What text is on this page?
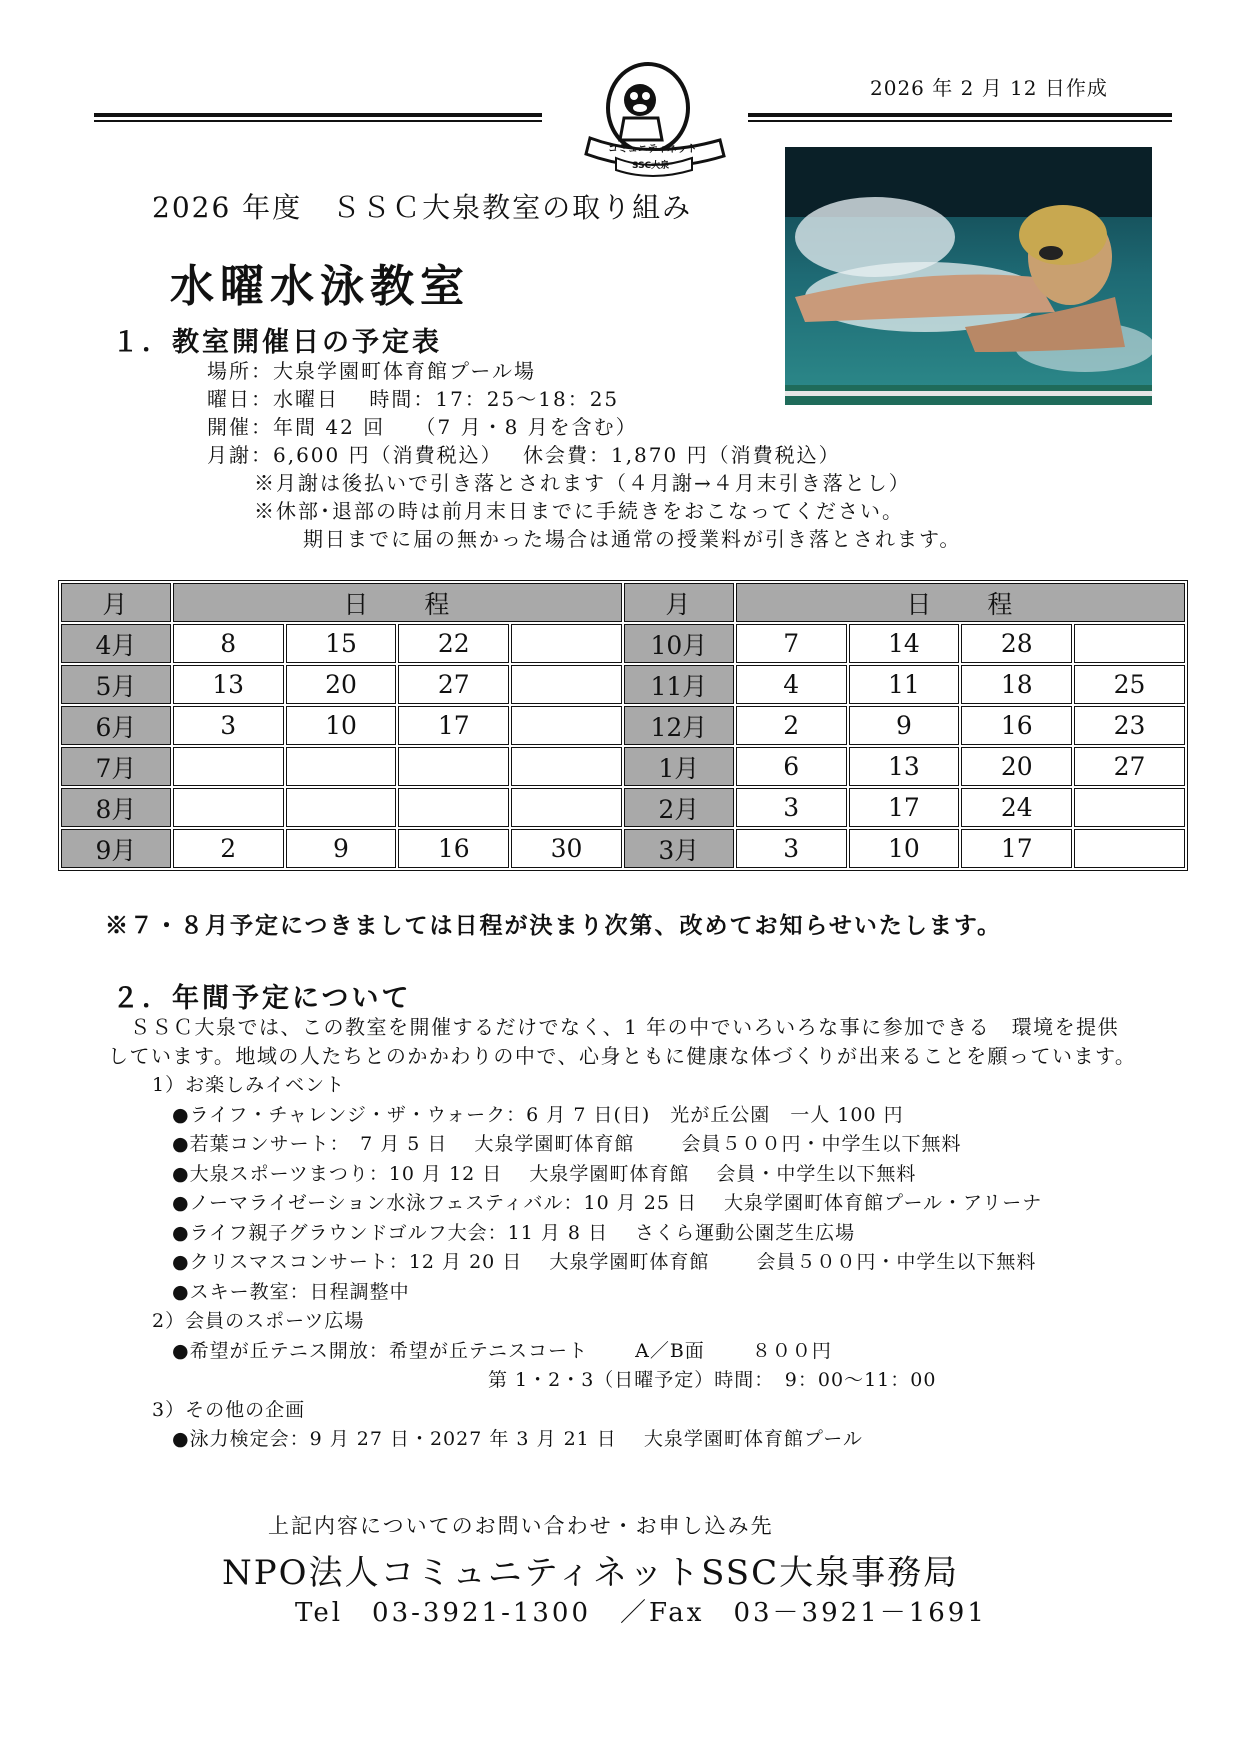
2026 年 2 月 12 日作成
コミュニティネット
SSC大泉
2026 年度　ＳＳＣ大泉教室の取り組み
水曜水泳教室
１．教室開催日の予定表
場所：大泉学園町体育館プール場
曜日：水曜日　 時間：17：25〜18：25
開催：年間 42 回　 （7 月・8 月を含む）
月謝：6,600 円（消費税込）　 休会費：1,870 円（消費税込）
※月謝は後払いで引き落とされます（４月謝→４月末引き落とし）
※休部･退部の時は前月末日までに手続きをおこなってください。
期日までに届の無かった場合は通常の授業料が引き落とされます。
月	日　　程				月	日　　程			
4月	8	15	22		10月	7	14	28	
5月	13	20	27		11月	4	11	18	25
6月	3	10	17		12月	2	9	16	23
7月					1月	6	13	20	27
8月					2月	3	17	24	
9月	2	9	16	30	3月	3	10	17	
※７・８月予定につきましては日程が決まり次第、改めてお知らせいたします。
２．年間予定について
ＳＳＣ大泉では、この教室を開催するだけでなく、1 年の中でいろいろな事に参加できる　環境を提供
しています。地域の人たちとのかかわりの中で、心身ともに健康な体づくりが出来ることを願っています。
1）お楽しみイベント
●ライフ・チャレンジ・ザ・ウォーク：6 月 7 日(日)　光が丘公園　一人 100 円
●若葉コンサート：　7 月 5 日　 大泉学園町体育館　　 会員５００円・中学生以下無料
●大泉スポーツまつり：10 月 12 日　 大泉学園町体育館　 会員・中学生以下無料
●ノーマライゼーション水泳フェスティバル：10 月 25 日　 大泉学園町体育館プール・アリーナ
●ライフ親子グラウンドゴルフ大会：11 月 8 日　 さくら運動公園芝生広場
●クリスマスコンサート：12 月 20 日　 大泉学園町体育館　　 会員５００円・中学生以下無料
●スキー教室：日程調整中
2）会員のスポーツ広場
●希望が丘テニス開放：希望が丘テニスコート　　 A／B面　　 ８００円
第 1・2・3（日曜予定）時間：　9：00〜11：00
3）その他の企画
●泳力検定会：9 月 27 日・2027 年 3 月 21 日　 大泉学園町体育館プール
上記内容についてのお問い合わせ・お申し込み先
NPO法人コミュニティネットSSC大泉事務局
Tel　03-3921-1300　／Fax　03－3921－1691
